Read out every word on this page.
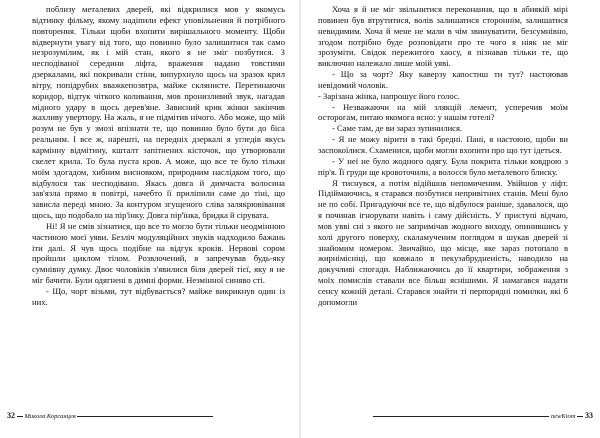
поблизу металевих дверей, які відкрилися мов у якомусь відтинку фільму, якому надіпили ефект уповільнення й потрібного повторення. Тільки щоби вхопити вирішального моменту. Щоби відвернути увагу від того, що повинно було залишитися так само незрозумілим, як і мій стан, якого я не зміг позбутися. З несподіваної середини ліфта, враження надано товстими дзеркалами, які покривали стіни, випурхнуло щось на зразок крил вітру, попідрубих вважкепозвтра, майже склянисте. Перетинаючи коридор, відтук чіткого коливання, мов пронизливий звук, нагадав мідного удару в щось дерев'яне. Зависний крик жінки закінчив жахливу увертюру. На жаль, я не підмітив нічого. Або може, що мій розум не був у змозі впізнати те, що повинно було бути до біса реальним. І все ж, нарешті, на передніх дзеркалі я угледів якусь кармінну відмітину, кшталт запітнених кісточок, що утворювали скелет крила. То була пуста кров. А може, що все те було тільки моїм здогадом, хибним висновком, природним наслідком того, що відбулося так несподівано. Якась довга й димчаста волосина зав'язла прямо в повітрі, начебто її приліпили саме до тіні, що зависла переді мною. За контуром згущеного сліва залякрювівання щось, що подобало на пір'їнку. Довга пір'їнка, бридка й сірувата.

Ні! Я не смів зізнатися, що все то могло бути тільки неодмінною частиною моєї уяви. Безліч модуляційних звуків надходило бажань іти далі. Я чув щось подібне на відгук кроків. Нервові сором пройшли циклом тілом. Розвлочений, я запречував будь-яку сумнівну думку. Двоє чоловіків з'явилися біля дверей тієї, яку я не міг бачити. Були одягнені в димні форми. Незмінної синяво сті.

- Що, чорт візьми, тут відбувається? майже викрикнув один із них.

32 Микола Корсанцев

Хоча я й не міг звільнитися переконання, що в абиякій мірі повинен був втрутитися, волів залишатися стороннім, залишатися невидимим. Хоча й мене не мали в чім звинуватити, безсумнівно, згодом потрібно буде розповідати про те чого я ніяк не міг зрозуміти. Свідок пережитого хаосу, я пізнавав тільки те, що виключно належало лише моїй уяві.

- Що за чорт? Яку каверзу капостиш ти тут? настоював невідомий чоловік.

- Зарізана жінка, напрошує його голос.

- Незважаючи на мій злякцій лемент, усперечив моїм осторогам, питаю якомога ясно: у нашім готелі?

- Саме там, де ви зараз зупинилися.

- Я не можу вірити в такі бредні. Пані, я настоюю, щоби ви заспокоїлися. Схаменися, щоби могли вхопити про що тут ідеться.

- У неї не було жодного одягу. Була покрита тільки ковдрою з пір'я. Її груди ще кровоточили, а волосся було металевого блиску.

Я тиснувся, а потім відійшов непомиченим. Увійшов у ліфт. Підіймаючись, я старався позбутися непривітних станів. Мені було не по собі. Пригадуючи все те, що відбулося раніше, здавалося, що я починав ігнорувати навіть і саму дійсність. У приступі відчаю, мов увві сні з якого не запримічав жодного виходу, опинившись у холі другого поверху, скаламученим поглядом я шукав дверей зі знайомим номером. Звичайно, що місце, яке зараз потопало в жирнімісніці, що ковжало в пекузабрудненість, наводило на докучливі спогади. Наближаючись до її квартири, зображення з моїх помислів ставали все більш яснішими. Я намагався надати сенсу кожній деталі. Старався знайти ті перпорядні помилки, які б допомогли

newKtom 33
